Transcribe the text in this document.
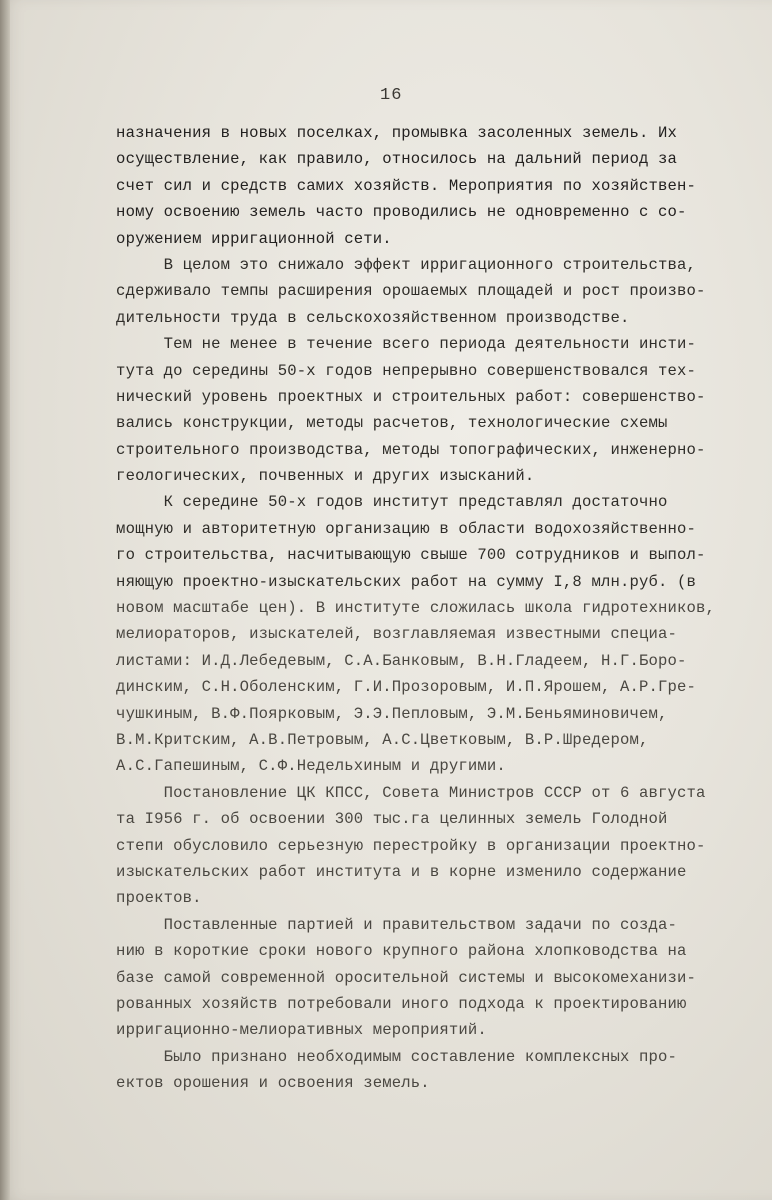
16
назначения в новых поселках, промывка засоленных земель. Их
осуществление, как правило, относилось на дальний период за
счет сил и средств самих хозяйств. Мероприятия по хозяйствен-
ному освоению земель часто проводились не одновременно с со-
оружением ирригационной сети.
В целом это снижало эффект ирригационного строительства,
сдерживало темпы расширения орошаемых площадей и рост произво-
дительности труда в сельскохозяйственном производстве.
Тем не менее в течение всего периода деятельности инсти-
тута до середины 50-х годов непрерывно совершенствовался тех-
нический уровень проектных и строительных работ: совершенство-
вались конструкции, методы расчетов, технологические схемы
строительного производства, методы топографических, инженерно-
геологических, почвенных и других изысканий.
К середине 50-х годов институт представлял достаточно
мощную и авторитетную организацию в области водохозяйственно-
го строительства, насчитывающую свыше 700 сотрудников и выпол-
няющую проектно-изыскательских работ на сумму I,8 млн.руб. (в
новом масштабе цен). В институте сложилась школа гидротехников,
мелиораторов, изыскателей, возглавляемая известными специа-
листами: И.Д.Лебедевым, С.А.Банковым, В.Н.Гладеем, Н.Г.Боро-
динским, С.Н.Оболенским, Г.И.Прозоровым, И.П.Ярошем, А.Р.Гре-
чушкиным, В.Ф.Поярковым, Э.Э.Пепловым, Э.М.Беньяминовичем,
В.М.Критским, А.В.Петровым, А.С.Цветковым, В.Р.Шредером,
А.С.Гапешиным, С.Ф.Недельхиным и другими.
Постановление ЦК КПСС, Совета Министров СССР от 6 августа
та I956 г. об освоении 300 тыс.га целинных земель Голодной
степи обусловило серьезную перестройку в организации проектно-
изыскательских работ института и в корне изменило содержание
проектов.
Поставленные партией и правительством задачи по созда-
нию в короткие сроки нового крупного района хлопководства на
базе самой современной оросительной системы и высокомеханизи-
рованных хозяйств потребовали иного подхода к проектированию
ирригационно-мелиоративных мероприятий.
Было признано необходимым составление комплексных про-
ектов орошения и освоения земель.
